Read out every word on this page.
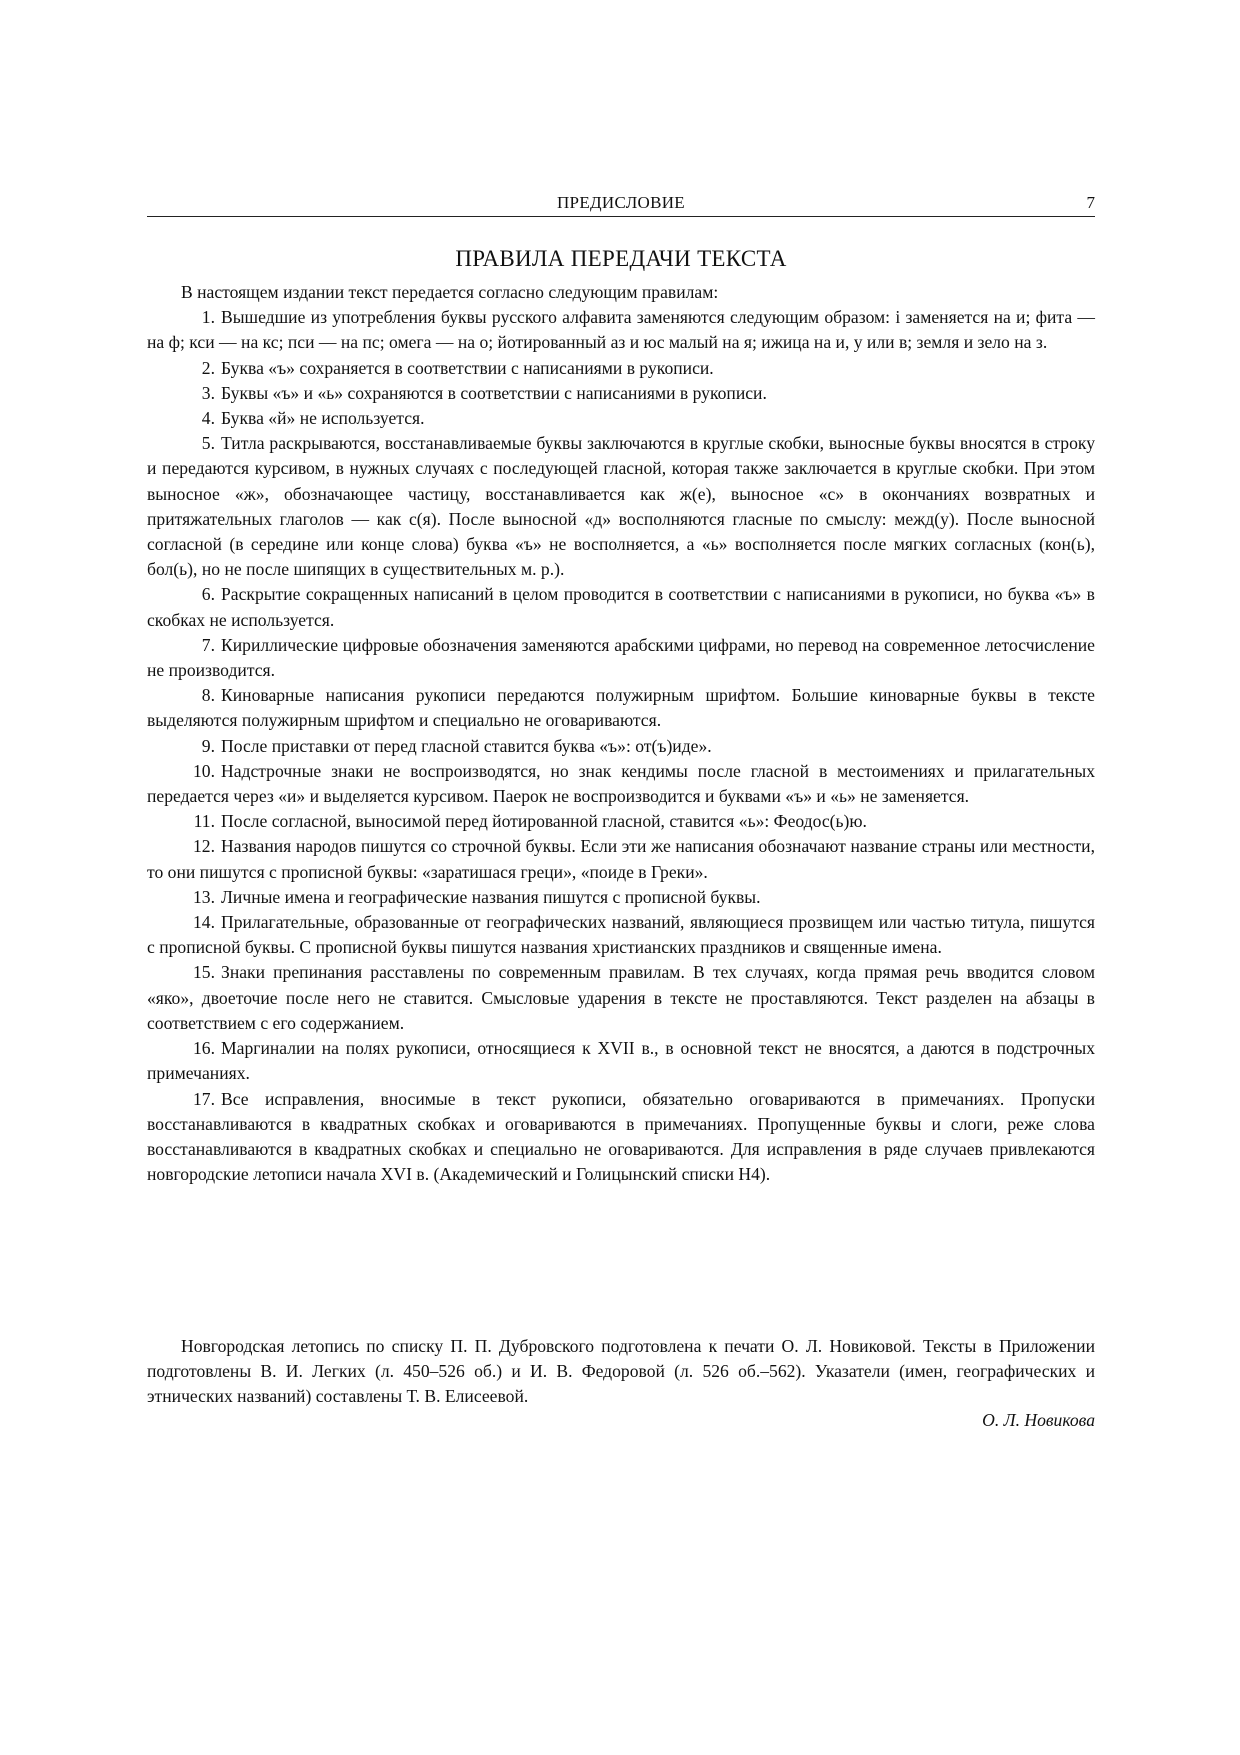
ПРЕДИСЛОВИЕ	7
ПРАВИЛА ПЕРЕДАЧИ ТЕКСТА

В настоящем издании текст передается согласно следующим правилам:

1. Вышедшие из употребления буквы русского алфавита заменяются следующим образом: i заменяется на и; фита — на ф; кси — на кс; пси — на пс; омега — на о; йотированный аз и юс малый на я; ижица на и, у или в; земля и зело на з.

2. Буква «ъ» сохраняется в соответствии с написаниями в рукописи.

3. Буквы «ъ» и «ь» сохраняются в соответствии с написаниями в рукописи.

4. Буква «й» не используется.

5. Титла раскрываются, восстанавливаемые буквы заключаются в круглые скобки, выносные буквы вносятся в строку и передаются курсивом, в нужных случаях с последующей гласной, которая также заключается в круглые скобки. При этом выносное «ж», обозначающее частицу, восстанавливается как ж(е), выносное «с» в окончаниях возвратных и притяжательных глаголов — как с(я). После выносной «д» восполняются гласные по смыслу: межд(у). После выносной согласной (в середине или конце слова) буква «ъ» не восполняется, а «ь» восполняется после мягких согласных (кон(ь), бол(ь), но не после шипящих в существительных м. р.).

6. Раскрытие сокращенных написаний в целом проводится в соответствии с написаниями в рукописи, но буква «ъ» в скобках не используется.

7. Кириллические цифровые обозначения заменяются арабскими цифрами, но перевод на современное летосчисление не производится.

8. Киноварные написания рукописи передаются полужирным шрифтом. Большие киноварные буквы в тексте выделяются полужирным шрифтом и специально не оговариваются.

9. После приставки от перед гласной ставится буква «ъ»: от(ъ)иде».

10. Надстрочные знаки не воспроизводятся, но знак кендимы после гласной в местоимениях и прилагательных передается через «и» и выделяется курсивом. Паерок не воспроизводится и буквами «ъ» и «ь» не заменяется.

11. После согласной, выносимой перед йотированной гласной, ставится «ь»: Феодос(ь)ю.

12. Названия народов пишутся со строчной буквы. Если эти же написания обозначают название страны или местности, то они пишутся с прописной буквы: «заратишася греци», «поиде в Греки».

13. Личные имена и географические названия пишутся с прописной буквы.

14. Прилагательные, образованные от географических названий, являющиеся прозвищем или частью титула, пишутся с прописной буквы. С прописной буквы пишутся названия христианских праздников и священные имена.

15. Знаки препинания расставлены по современным правилам. В тех случаях, когда прямая речь вводится словом «яко», двоеточие после него не ставится. Смысловые ударения в тексте не проставляются. Текст разделен на абзацы в соответствием с его содержанием.

16. Маргиналии на полях рукописи, относящиеся к XVII в., в основной текст не вносятся, а даются в подстрочных примечаниях.

17. Все исправления, вносимые в текст рукописи, обязательно оговариваются в примечаниях. Пропуски восстанавливаются в квадратных скобках и оговариваются в примечаниях. Пропущенные буквы и слоги, реже слова восстанавливаются в квадратных скобках и специально не оговариваются. Для исправления в ряде случаев привлекаются новгородские летописи начала XVI в. (Академический и Голицынский списки Н4).

Новгородская летопись по списку П. П. Дубровского подготовлена к печати О. Л. Новиковой. Тексты в Приложении подготовлены В. И. Легких (л. 450–526 об.) и И. В. Федоровой (л. 526 об.–562). Указатели (имен, географических и этнических названий) составлены Т. В. Елисеевой.

О. Л. Новикова
